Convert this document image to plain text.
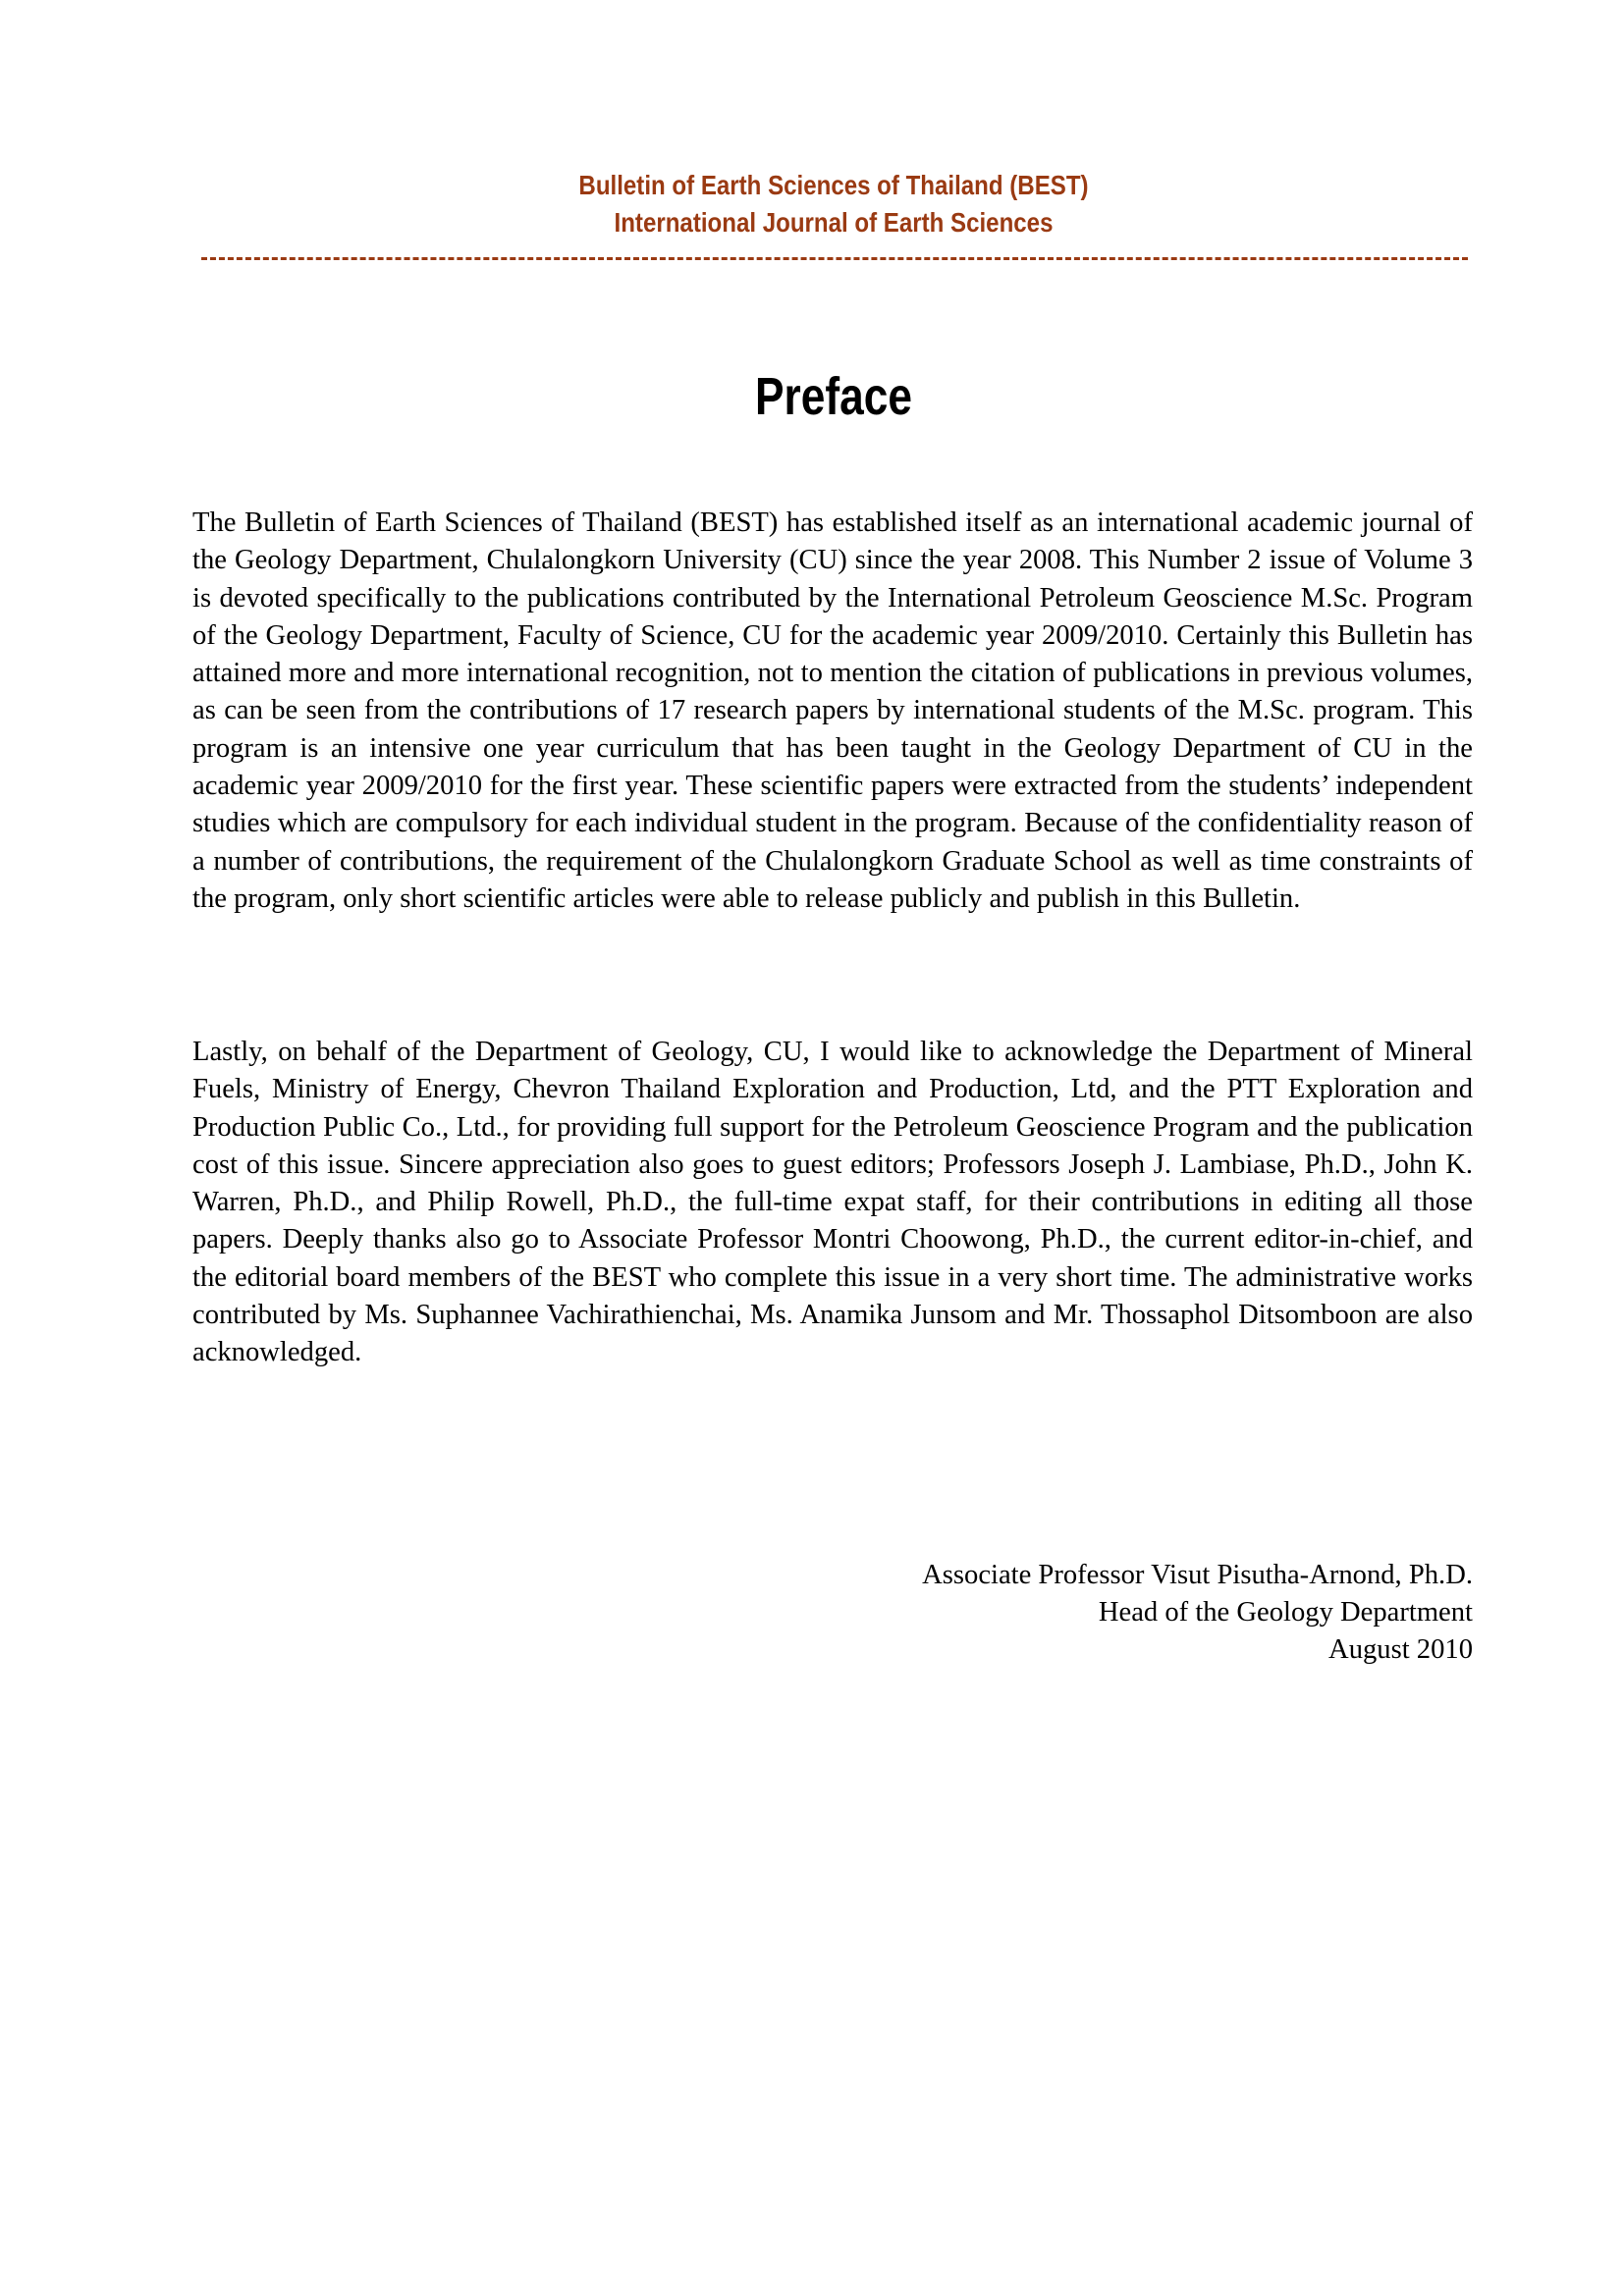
Bulletin of Earth Sciences of Thailand (BEST)
International Journal of Earth Sciences
Preface

The Bulletin of Earth Sciences of Thailand (BEST) has established itself as an international academic journal of the Geology Department, Chulalongkorn University (CU) since the year 2008. This Number 2 issue of Volume 3 is devoted specifically to the publications contributed by the International Petroleum Geoscience M.Sc. Program of the Geology Department, Faculty of Science, CU for the academic year 2009/2010. Certainly this Bulletin has attained more and more international recognition, not to mention the citation of publications in previous volumes, as can be seen from the contributions of 17 research papers by international students of the M.Sc. program. This program is an intensive one year curriculum that has been taught in the Geology Department of CU in the academic year 2009/2010 for the first year. These scientific papers were extracted from the students’ independent studies which are compulsory for each individual student in the program. Because of the confidentiality reason of a number of contributions, the requirement of the Chulalongkorn Graduate School as well as time constraints of the program, only short scientific articles were able to release publicly and publish in this Bulletin.

Lastly, on behalf of the Department of Geology, CU, I would like to acknowledge the Department of Mineral Fuels, Ministry of Energy, Chevron Thailand Exploration and Production, Ltd, and the PTT Exploration and Production Public Co., Ltd., for providing full support for the Petroleum Geoscience Program and the publication cost of this issue. Sincere appreciation also goes to guest editors; Professors Joseph J. Lambiase, Ph.D., John K. Warren, Ph.D., and Philip Rowell, Ph.D., the full-time expat staff, for their contributions in editing all those papers. Deeply thanks also go to Associate Professor Montri Choowong, Ph.D., the current editor-in-chief, and the editorial board members of the BEST who complete this issue in a very short time. The administrative works contributed by Ms. Suphannee Vachirathienchai, Ms. Anamika Junsom and Mr. Thossaphol Ditsomboon are also acknowledged.

Associate Professor Visut Pisutha-Arnond, Ph.D.
Head of the Geology Department
August 2010
